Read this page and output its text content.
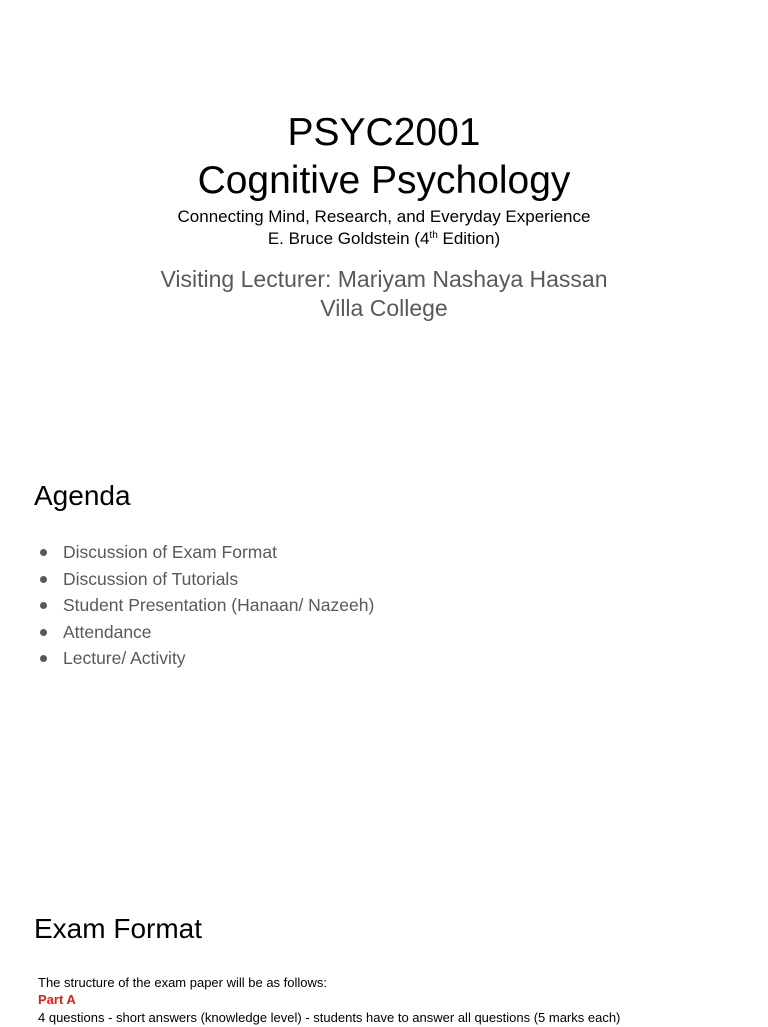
PSYC2001
Cognitive Psychology
Connecting Mind, Research, and Everyday Experience
E. Bruce Goldstein (4th Edition)
Visiting Lecturer: Mariyam Nashaya Hassan
Villa College
Agenda
Discussion of Exam Format
Discussion of Tutorials
Student Presentation (Hanaan/ Nazeeh)
Attendance
Lecture/ Activity
Exam Format
The structure of the exam paper will be as follows:
Part A
4 questions - short answers (knowledge level) - students have to answer all questions (5 marks each)
